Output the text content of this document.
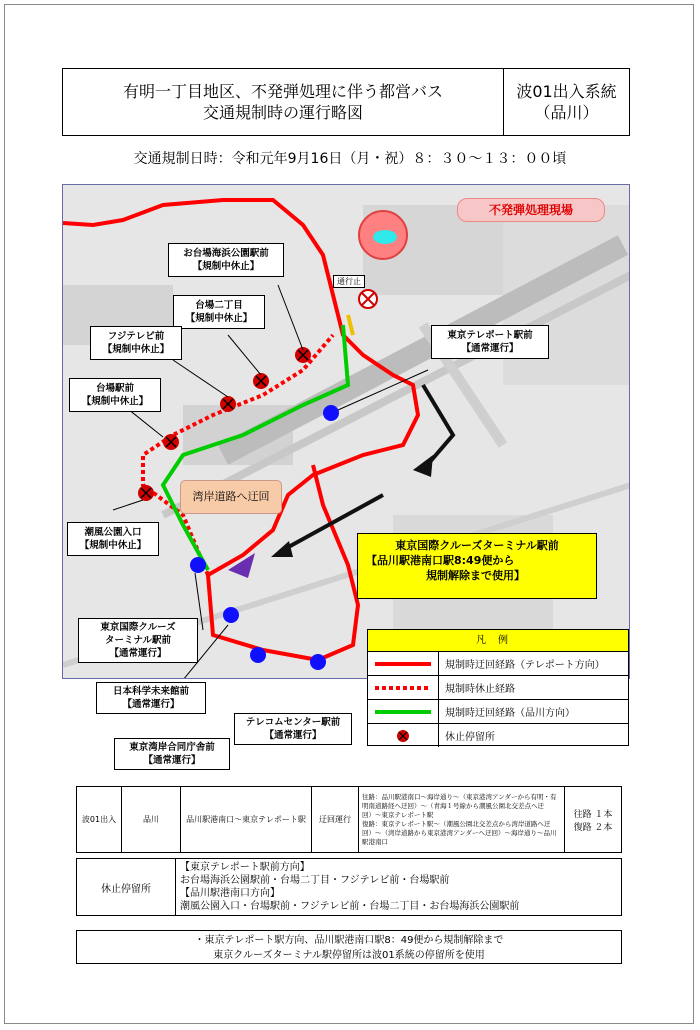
有明一丁目地区、不発弾処理に伴う都営バス
交通規制時の運行略図
波01出入系統
（品川）
交通規制日時：令和元年9月16日（月・祝）８：３０〜１３：００頃
お台場海浜公園駅前
【規制中休止】
台場二丁目
【規制中休止】
フジテレビ前
【規制中休止】
台場駅前
【規制中休止】
潮風公園入口
【規制中休止】
東京テレポート駅前
【通常運行】
通行止
不発弾処理現場
湾岸道路へ迂回
東京国際クルーズターミナル駅前
【品川駅港南口駅8:49便から
規制解除まで使用】
東京国際クルーズ
ターミナル駅前
【通常運行】
日本科学未来館前
【通常運行】
東京湾岸合同庁舎前
【通常運行】
テレコムセンター駅前
【通常運行】
凡例
規制時迂回経路（テレポート方向）
規制時休止経路
規制時迂回経路（品川方向）
休止停留所
波01出入	品川	品川駅港南口〜東京テレポート駅	迂回運行	往路：品川駅港南口〜海岸通り〜（東京港湾アンダーから有明・有明南道路経へ迂回）〜（青海１号線から潮風公園北交差点へ迂回）〜東京テレポート駅
復路：東京テレポート駅〜（潮風公園北交差点から湾岸道路へ迂回）〜（湾岸道路から東京港湾アンダーへ迂回）〜海岸通り〜品川駅港南口	往路 １本
復路 ２本
休止停留所	
【東京テレポート駅前方向】
お台場海浜公園駅前・台場二丁目・フジテレビ前・台場駅前
【品川駅港南口方向】
潮風公園入口・台場駅前・フジテレビ前・台場二丁目・お台場海浜公園駅前
・東京テレポート駅方向、品川駅港南口駅8：49便から規制解除まで
東京クルーズターミナル駅停留所は波01系統の停留所を使用
